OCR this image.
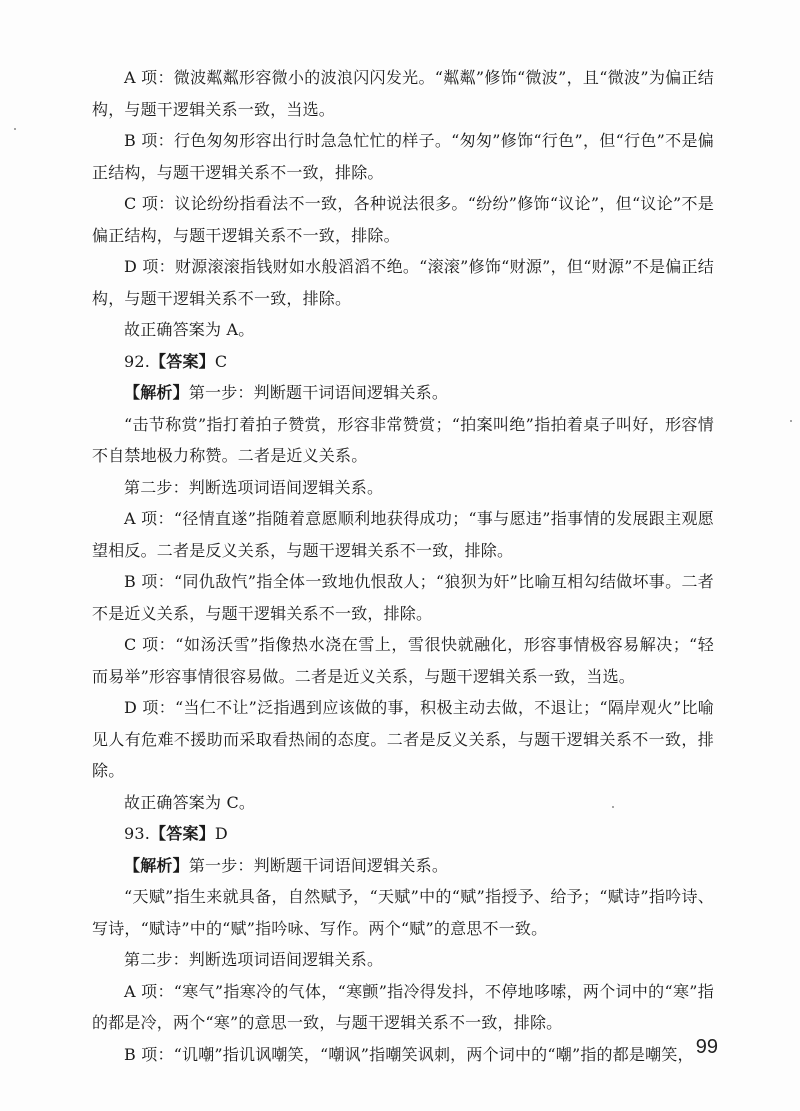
A 项：微波粼粼形容微小的波浪闪闪发光。“粼粼”修饰“微波”，且“微波”为偏正结构，与题干逻辑关系一致，当选。

B 项：行色匆匆形容出行时急急忙忙的样子。“匆匆”修饰“行色”，但“行色”不是偏正结构，与题干逻辑关系不一致，排除。

C 项：议论纷纷指看法不一致，各种说法很多。“纷纷”修饰“议论”，但“议论”不是偏正结构，与题干逻辑关系不一致，排除。

D 项：财源滚滚指钱财如水般滔滔不绝。“滚滚”修饰“财源”，但“财源”不是偏正结构，与题干逻辑关系不一致，排除。

故正确答案为 A。

92.【答案】C

【解析】第一步：判断题干词语间逻辑关系。

“击节称赏”指打着拍子赞赏，形容非常赞赏；“拍案叫绝”指拍着桌子叫好，形容情不自禁地极力称赞。二者是近义关系。

第二步：判断选项词语间逻辑关系。

A 项：“径情直遂”指随着意愿顺利地获得成功；“事与愿违”指事情的发展跟主观愿望相反。二者是反义关系，与题干逻辑关系不一致，排除。

B 项：“同仇敌忾”指全体一致地仇恨敌人；“狼狈为奸”比喻互相勾结做坏事。二者不是近义关系，与题干逻辑关系不一致，排除。

C 项：“如汤沃雪”指像热水浇在雪上，雪很快就融化，形容事情极容易解决；“轻而易举”形容事情很容易做。二者是近义关系，与题干逻辑关系一致，当选。

D 项：“当仁不让”泛指遇到应该做的事，积极主动去做，不退让；“隔岸观火”比喻见人有危难不援助而采取看热闹的态度。二者是反义关系，与题干逻辑关系不一致，排除。

故正确答案为 C。

93.【答案】D

【解析】第一步：判断题干词语间逻辑关系。

“天赋”指生来就具备，自然赋予，“天赋”中的“赋”指授予、给予；“赋诗”指吟诗、写诗，“赋诗”中的“赋”指吟咏、写作。两个“赋”的意思不一致。

第二步：判断选项词语间逻辑关系。

A 项：“寒气”指寒冷的气体，“寒颤”指冷得发抖，不停地哆嗦，两个词中的“寒”指的都是冷，两个“寒”的意思一致，与题干逻辑关系不一致，排除。

B 项：“讥嘲”指讥讽嘲笑，“嘲讽”指嘲笑讽刺，两个词中的“嘲”指的都是嘲笑， 99
